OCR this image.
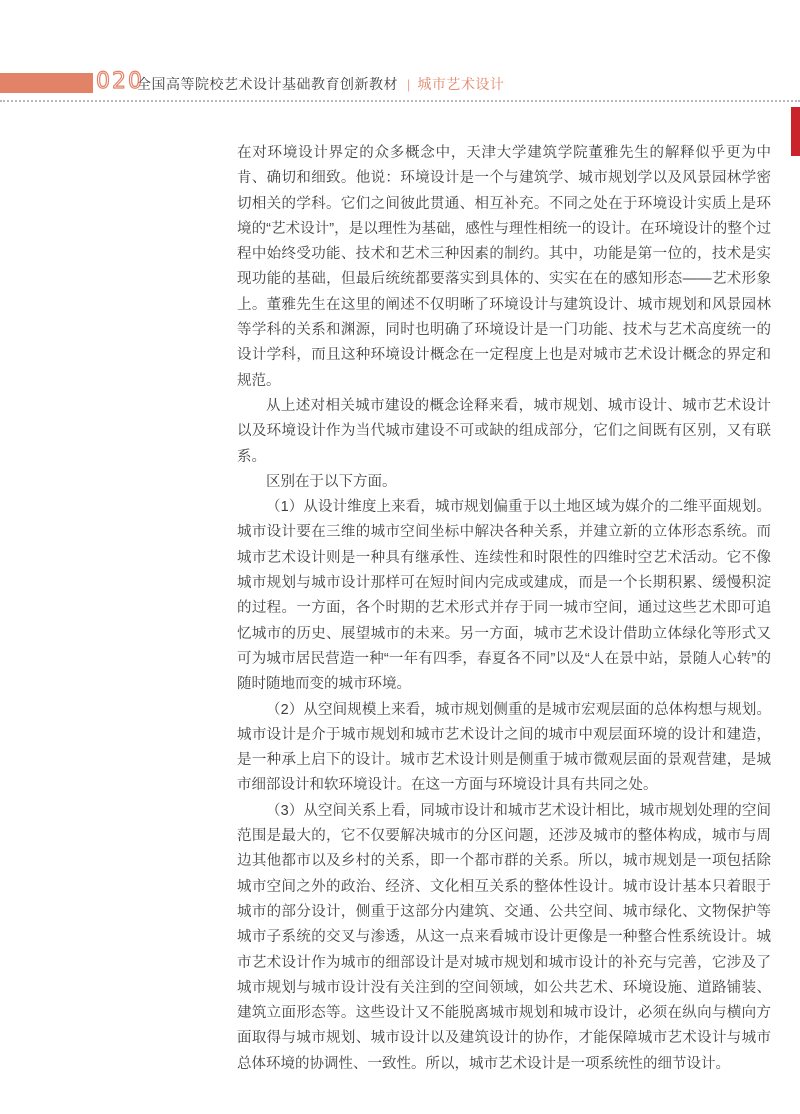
020
全国高等院校艺术设计基础教育创新教材 | 城市艺术设计

在对环境设计界定的众多概念中，天津大学建筑学院董雅先生的解释似乎更为中肯、确切和细致。他说：环境设计是一个与建筑学、城市规划学以及风景园林学密切相关的学科。它们之间彼此贯通、相互补充。不同之处在于环境设计实质上是环境的“艺术设计”，是以理性为基础，感性与理性相统一的设计。在环境设计的整个过程中始终受功能、技术和艺术三种因素的制约。其中，功能是第一位的，技术是实现功能的基础，但最后统统都要落实到具体的、实实在在的感知形态——艺术形象上。董雅先生在这里的阐述不仅明晰了环境设计与建筑设计、城市规划和风景园林等学科的关系和渊源，同时也明确了环境设计是一门功能、技术与艺术高度统一的设计学科，而且这种环境设计概念在一定程度上也是对城市艺术设计概念的界定和规范。

从上述对相关城市建设的概念诠释来看，城市规划、城市设计、城市艺术设计以及环境设计作为当代城市建设不可或缺的组成部分，它们之间既有区别，又有联系。

区别在于以下方面。

（1）从设计维度上来看，城市规划偏重于以土地区域为媒介的二维平面规划。城市设计要在三维的城市空间坐标中解决各种关系，并建立新的立体形态系统。而城市艺术设计则是一种具有继承性、连续性和时限性的四维时空艺术活动。它不像城市规划与城市设计那样可在短时间内完成或建成，而是一个长期积累、缓慢积淀的过程。一方面，各个时期的艺术形式并存于同一城市空间，通过这些艺术即可追忆城市的历史、展望城市的未来。另一方面，城市艺术设计借助立体绿化等形式又可为城市居民营造一种“一年有四季，春夏各不同”以及“人在景中站，景随人心转”的随时随地而变的城市环境。

（2）从空间规模上来看，城市规划侧重的是城市宏观层面的总体构想与规划。城市设计是介于城市规划和城市艺术设计之间的城市中观层面环境的设计和建造，是一种承上启下的设计。城市艺术设计则是侧重于城市微观层面的景观营建，是城市细部设计和软环境设计。在这一方面与环境设计具有共同之处。

（3）从空间关系上看，同城市设计和城市艺术设计相比，城市规划处理的空间范围是最大的，它不仅要解决城市的分区问题，还涉及城市的整体构成，城市与周边其他都市以及乡村的关系，即一个都市群的关系。所以，城市规划是一项包括除城市空间之外的政治、经济、文化相互关系的整体性设计。城市设计基本只着眼于城市的部分设计，侧重于这部分内建筑、交通、公共空间、城市绿化、文物保护等城市子系统的交叉与渗透，从这一点来看城市设计更像是一种整合性系统设计。城市艺术设计作为城市的细部设计是对城市规划和城市设计的补充与完善，它涉及了城市规划与城市设计没有关注到的空间领域，如公共艺术、环境设施、道路铺装、建筑立面形态等。这些设计又不能脱离城市规划和城市设计，必须在纵向与横向方面取得与城市规划、城市设计以及建筑设计的协作，才能保障城市艺术设计与城市总体环境的协调性、一致性。所以，城市艺术设计是一项系统性的细节设计。
